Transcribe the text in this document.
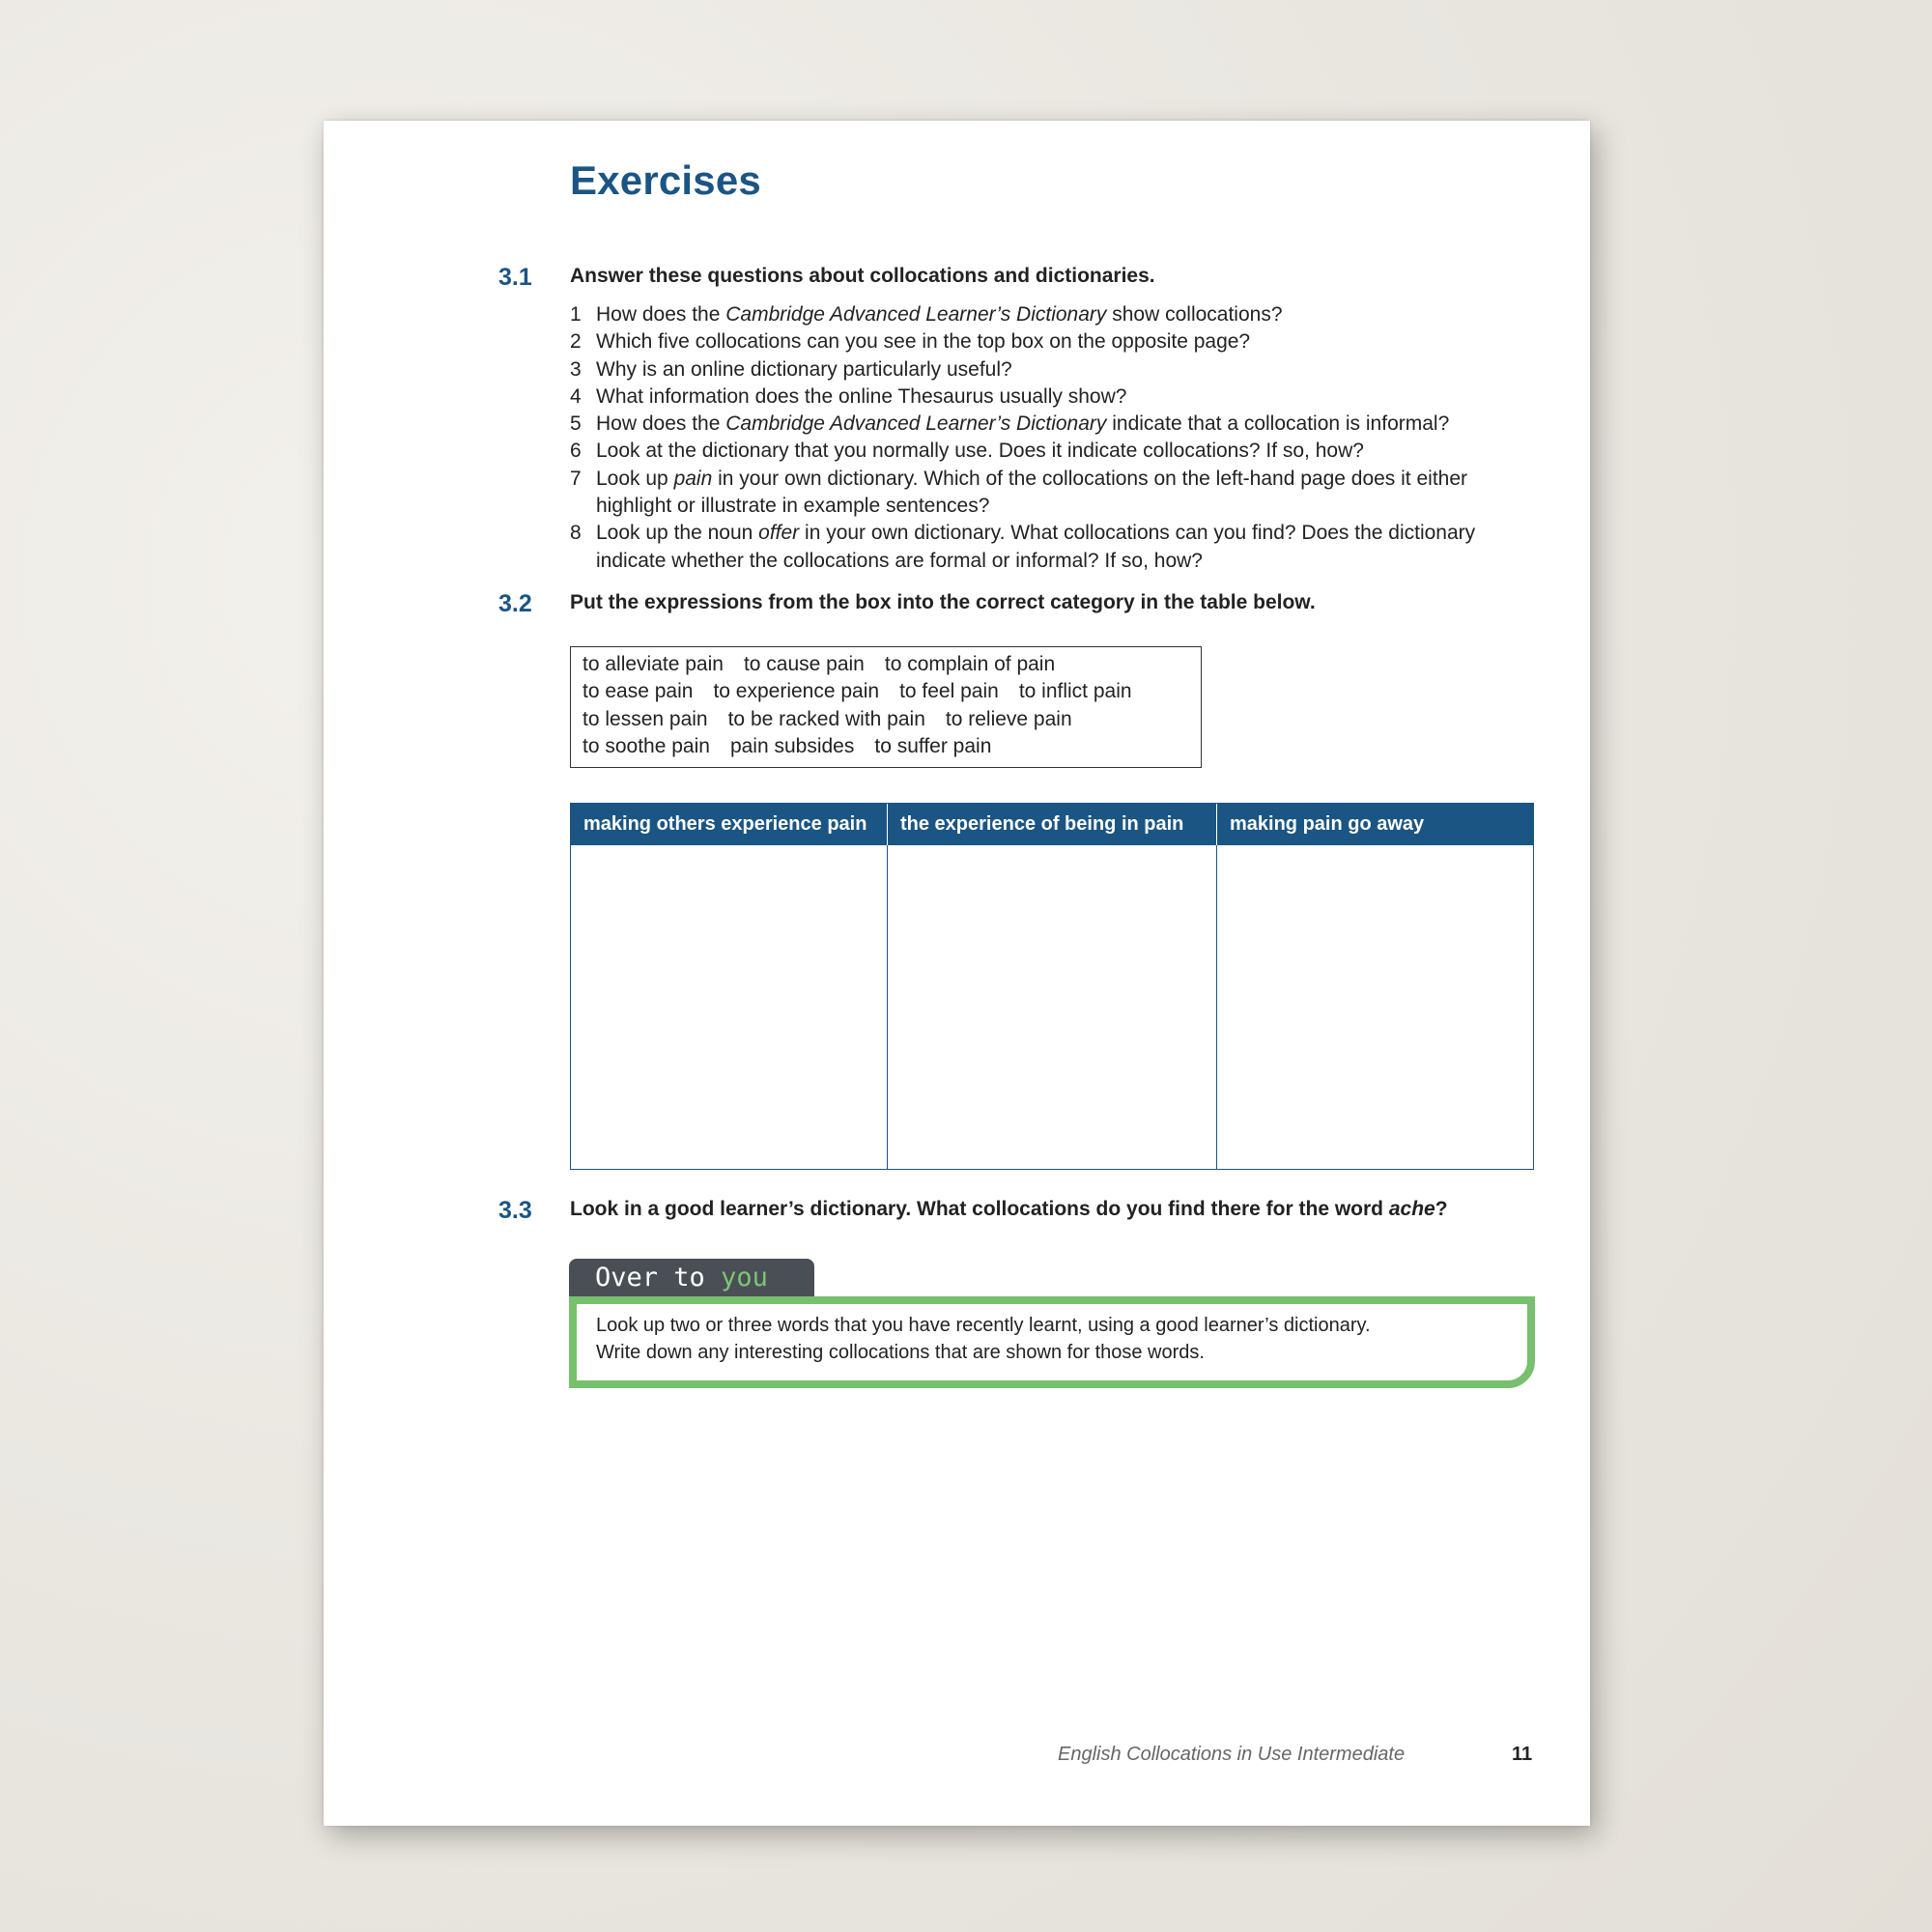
Exercises
3.1 Answer these questions about collocations and dictionaries.
1 How does the Cambridge Advanced Learner’s Dictionary show collocations?
2 Which five collocations can you see in the top box on the opposite page?
3 Why is an online dictionary particularly useful?
4 What information does the online Thesaurus usually show?
5 How does the Cambridge Advanced Learner’s Dictionary indicate that a collocation is informal?
6 Look at the dictionary that you normally use. Does it indicate collocations? If so, how?
7 Look up pain in your own dictionary. Which of the collocations on the left-hand page does it either
highlight or illustrate in example sentences?
8 Look up the noun offer in your own dictionary. What collocations can you find? Does the dictionary
indicate whether the collocations are formal or informal? If so, how?
3.2 Put the expressions from the box into the correct category in the table below.
to alleviate pain to cause pain to complain of pain
to ease pain to experience pain to feel pain to inflict pain
to lessen pain to be racked with pain to relieve pain
to soothe pain pain subsides to suffer pain
making others experience pain	the experience of being in pain	making pain go away
3.3 Look in a good learner’s dictionary. What collocations do you find there for the word ache?
Over to you

Look up two or three words that you have recently learnt, using a good learner’s dictionary.

Write down any interesting collocations that are shown for those words.

English Collocations in Use Intermediate	11
